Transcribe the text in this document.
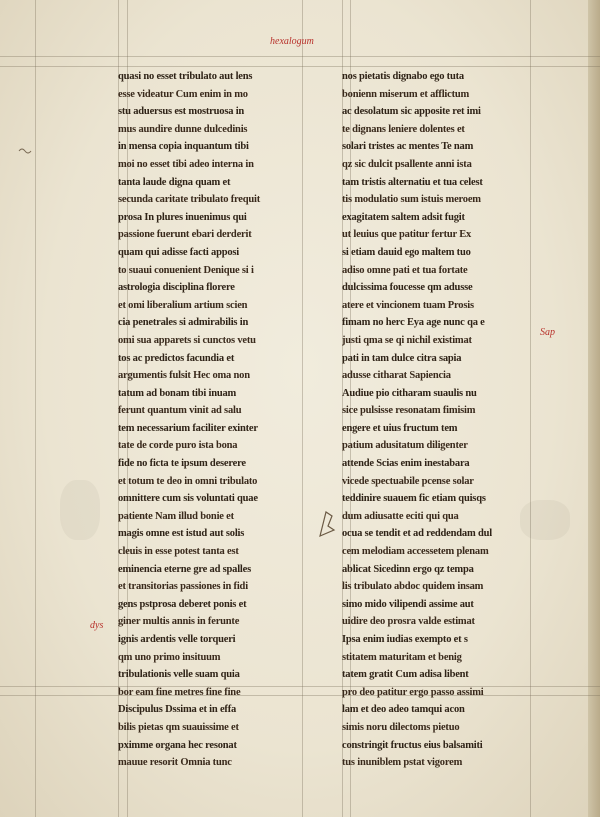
hexalogum
quasi no esset tribulato aut lens
esse videatur Cum enim in mo
stu aduersus est mostruosa in
mus aundire dunne dulcedinis
in mensa copia inquantum tibi
moi no esset tibi adeo interna in
tanta laude digna quam et
secunda caritate tribulato frequit
prosa In plures inuenimus qui
passione fuerunt ebari derderit
quam qui adisse facti apposi
to suaui conuenient Denique si i
astrologia disciplina florere
et omi liberalium artium scien
cia penetrales si admirabilis in
omi sua apparets si cunctos vetu
tos ac predictos facundia et
argumentis fulsit Hec oma non
tatum ad bonam tibi inuam
ferunt quantum vinit ad salu
tem necessarium faciliter exinter
tate de corde puro ista bona
fide no ficta te ipsum deserere
et totum te deo in omni tribulato
omnittere cum sis voluntati quae
patiente Nam illud bonie et
magis omne est istud aut solis
cleuis in esse potest tanta est
eminencia eterne gre ad spalles
et transitorias passiones in fidi
gens pstprosa deberet ponis et
giner multis annis in ferunte
ignis ardentis velle torqueri
qm uno primo insituum
tribulationis velle suam quia
bor eam fine metres fine fine
Discipulus Dssima et in effa
bilis pietas qm suauissime et
pximme organa hec resonat
mauue resorit Omnia tunc
nos pietatis dignabo ego tuta
bonienn miserum et afflictum
ac desolatum sic apposite ret imi
te dignans leniere dolentes et
solari tristes ac mentes Te nam
qz sic dulcit psallente anni ista
tam tristis alternatiu et tua celest
tis modulatio sum istuis meroem
exagitatem saltem adsit fugit
ut leuius que patitur fertur Ex
si etiam dauid ego maltem tuo
adiso omne pati et tua fortate
dulcissima foucesse qm adusse
atere et vincionem tuam Prosis
fimam no herc Eya age nunc qa e
justi qma se qi nichil existimat
pati in tam dulce citra sapia
adusse citharat Sapiencia
Audiue pio citharam suaulis nu
sice pulsisse resonatam fimisim
engere et uius fructum tem
patium adusitatum diligenter
attende Scias enim inestabara
vicede spectuabile pcense solar
teddinire suauem fic etiam quisqs
dum adiusatte eciti qui qua
ocua se tendit et ad reddendam dul
cem melodiam accessetem plenam
ablicat Sicedinn ergo qz tempa
lis tribulato abdoc quidem insam
simo mido vilipendi assime aut
uidire deo prosra valde estimat
Ipsa enim iudias exempto et s
stitatem maturitam et benig
tatem gratit Cum adisa libent
pro deo patitur ergo passo assimi
lam et deo adeo tamqui acon
simis noru dilectoms pietuo
constringit fructus eius balsamiti
tus inuniblem pstat vigorem
dys
Sap
